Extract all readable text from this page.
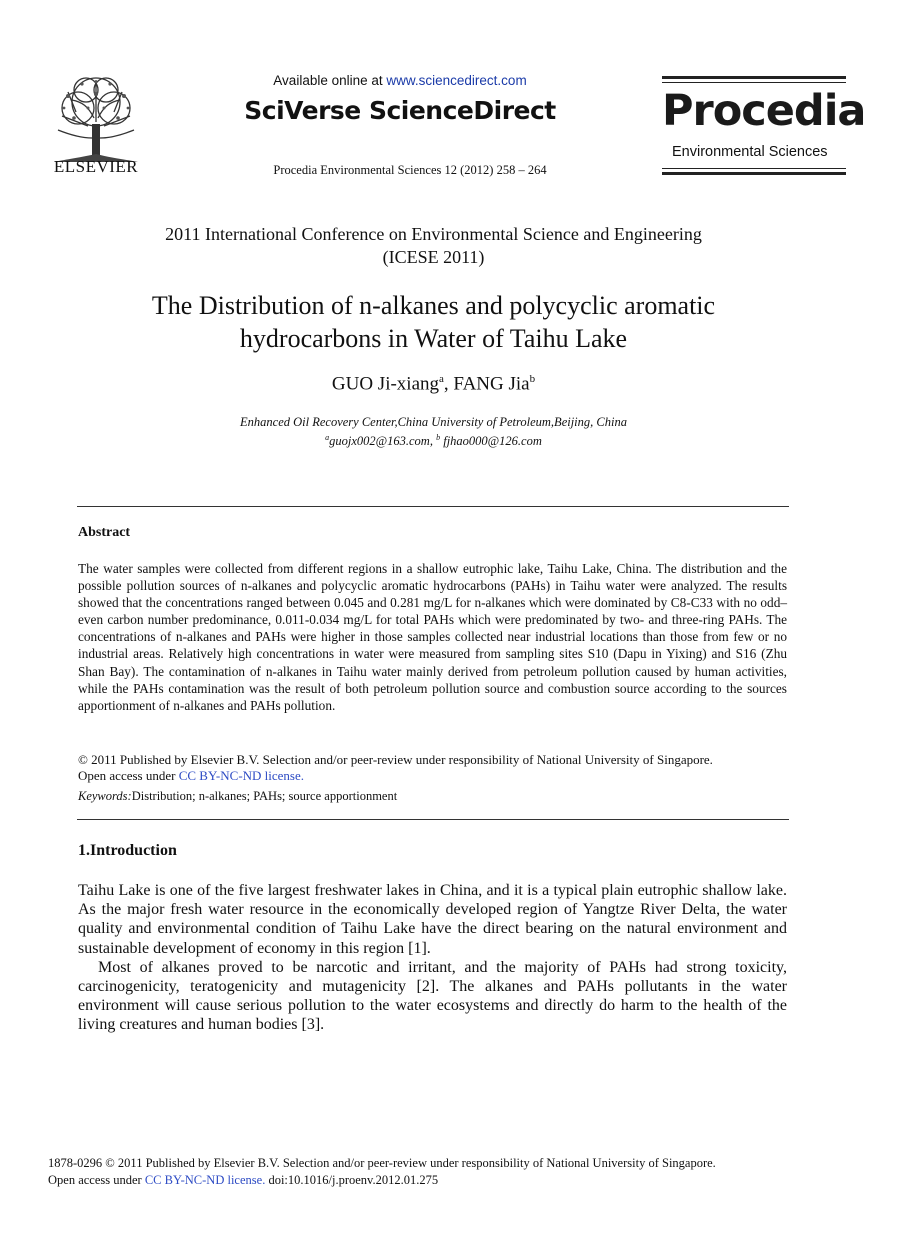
ELSEVIER
Available online at www.sciencedirect.com
SciVerse ScienceDirect
Procedia Environmental Sciences 12 (2012) 258 – 264
Procedia
Environmental Sciences
2011 International Conference on Environmental Science and Engineering
(ICESE 2011)
The Distribution of n-alkanes and polycyclic aromatic
hydrocarbons in Water of Taihu Lake
GUO Ji-xiang$^a$, FANG Jia$^b$
Enhanced Oil Recovery Center,China University of Petroleum,Beijing, China
$^a$guojx002@163.com, $^b$ fjhao000@126.com
Abstract
The water samples were collected from different regions in a shallow eutrophic lake, Taihu Lake, China. The distribution and the possible pollution sources of n-alkanes and polycyclic aromatic hydrocarbons (PAHs) in Taihu water were analyzed. The results showed that the concentrations ranged between 0.045 and 0.281 mg/L for n-alkanes which were dominated by C8-C33 with no odd–even carbon number predominance, 0.011-0.034 mg/L for total PAHs which were predominated by two- and three-ring PAHs. The concentrations of n-alkanes and PAHs were higher in those samples collected near industrial locations than those from few or no industrial areas. Relatively high concentrations in water were measured from sampling sites S10 (Dapu in Yixing) and S16 (Zhu Shan Bay). The contamination of n-alkanes in Taihu water mainly derived from petroleum pollution caused by human activities, while the PAHs contamination was the result of both petroleum pollution source and combustion source according to the sources apportionment of n-alkanes and PAHs pollution.
© 2011 Published by Elsevier B.V. Selection and/or peer-review under responsibility of National University of Singapore.
Open access under CC BY-NC-ND license.
Keywords:Distribution; n-alkanes; PAHs; source apportionment
1.Introduction

Taihu Lake is one of the five largest freshwater lakes in China, and it is a typical plain eutrophic shallow lake. As the major fresh water resource in the economically developed region of Yangtze River Delta, the water quality and environmental condition of Taihu Lake have the direct bearing on the natural environment and sustainable development of economy in this region [1].

Most of alkanes proved to be narcotic and irritant, and the majority of PAHs had strong toxicity, carcinogenicity, teratogenicity and mutagenicity [2]. The alkanes and PAHs pollutants in the water environment will cause serious pollution to the water ecosystems and directly do harm to the health of the living creatures and human bodies [3].

1878-0296 © 2011 Published by Elsevier B.V. Selection and/or peer-review under responsibility of National University of Singapore.
Open access under CC BY-NC-ND license. doi:10.1016/j.proenv.2012.01.275
